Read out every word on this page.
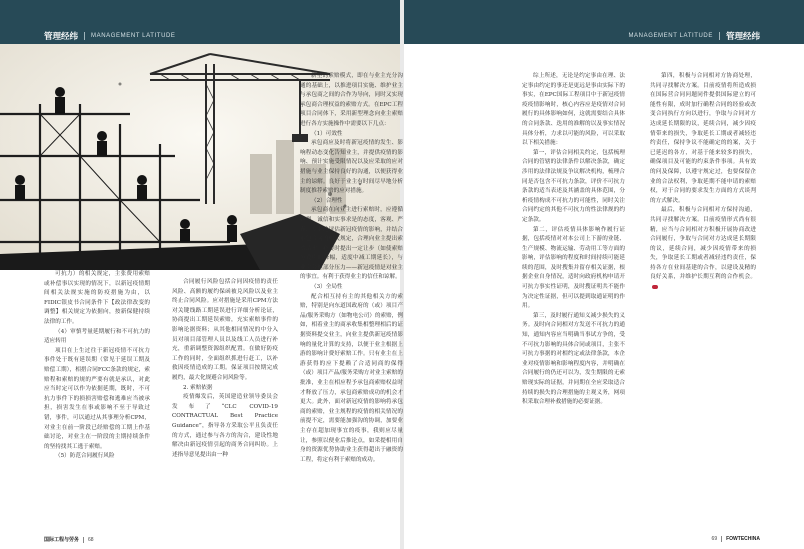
管理经纬 MANAGEMENT LATITUDE	MANAGEMENT LATITUDE 管理经纬

可抗力）的相关规定，主张费用索赔或补偿事以实现的情况下，以新冠疫情期间相关法规实施的防疫措施为由，以FIDIC银皮书合同条件下【政法律改变的调整】相关规定为依据向，按新保健持续法律的工作。

（4）审慎考量延期履行和不可抗力的适应转用

项目在上生过往于新冠疫情不可抗力事件处于既有延误期（常见于延误工期及赔偿工期），相措合同FCC条款的规定，索赔程和索赔的规的严要有就是承认，对此应当时定可以作为依据延期，既时，不可抗力事件下的损损害赔偿和逃难应当被承担，损害发生在事或影响不至于导致过错，事件，可以通过从其事理分析CPM，对业主在前一阶段已经赔偿的工期上作基础讨论，对业主在一阶段的主期持续条件的坚持找其工逃于索赔。

（5）防范合同履行风险

合同履行风险包括合同因疫情的责任风险、高额的履约保函被兑风险以及业主终止合同风险。应对措施是采用CPM方法对关键线路工期延误进行详细分析论证，协商提出工期延误索赔，充实索赔事件的影响论据资料；从其他相同情况的中分入员对项目部管理人员以及线工人员进行补充，重新调整资源组织配置。在做好防疫工作的同时，全面组织抓进行赶工，以补救因疫情造成的工期。保证项目按期完成履约，最大化规避合同风险等。

2. 索赔依据

疫情爆发后，英国建造业领导委员会发布了“CLC COVID-19 CONTRACTUAL Best Practice Guidance”，指导各方采取公平且负责任的方式，通过参与各方的沟合，建设性地解决由新冠疫情引起的商务合同纠纷。上述指导意见提出由一种

新型的索赔模式，即在与业主充分沟通的基础上，以推进项目实施、维护业主与承包商之间的合作为导向，同时又实现承包商合理权益的索赔方式。在EPC工程项目合同体下，采用新型理念向业主索赔进行各方实施操作中需要以下几点：

（1）可效性

承包商应及时将新冠疫情的发生、影响程动态变化告知业主，并提供疫情的影响、预计实施受限情况以及应采取的应对措施与业主保持良好的沟通，以便获得业主的谅解。良好于业主有时间尽早地分析制度推荐索赔的应对措施。

（2）合理性

承包商在向业主进行索赔时，应遵循客观、诚信和实事求是的态度，客观、严谨、专业地评估新冠疫情的影响，并结合承包合同的相关规定，合理向业主提出索赔请求。必要时提出一定让步（如使索赔分费用的降幅，适度中减工期延长），与业主分担部分压力——新冠疫情是对业主的事宜。有利于获得业主的信任和谅解。

（3）全局性

配合相互持有主的其他相关方的索赔，特别是向东道国政府的（或）项目产品/服务采购方（如物电公司）的索赔，例如，相着业主的商承收集相整理相后的证据资料提交业主，向业主提供新冠疫情影响的量化计算的支持，以便于业主根据上游的影响计费好索赔工作。只有业主在上游获得的应下提赖了合适同商的保得（或）项目产品/服务采购方对业主索赔的批准，业主在相应程予承包商索赔权益时才释放了压力，承包商索赔成功的机会才更大。此外，面对新冠疫情的影响将承包商的索赔，业主规程的疫情的相关情况的前提不定，需要能加强沟的协调，加要业主存在超加现事宜的疫事，我则应尽量让，参照以便业后推论点，如采提相用自身的资源优势协助业主获得超出于融资的工程，将定有利于索赔的成功。

综上所述，无论是约定事由在理、法定事由约定的事还是更远是事由实际下的事实，在EPC国际工程项目中于新冠疫情疫疫情影响时，核心内容应是疫情对合同履行的具体影响如何，这就需要结合具体的合同条款、迭用的准解的以及事实情况具体分析，力求以可能的风险，可以采取以下相关措施：

第一，评估合同相关约定，包括梳理合同的管辖的法律条件以解决条款，确定涉用的法律法规及争议解决机构，梳理合同是否包含不可抗力条款，评价不可抗力条款的适当表述及其涵盖的具体范围，分析疫情构成不可抗力的可能性，同时关注合同约定的其他不可抗力的性法律规的约定条款。

第二，评估疫情具体影响作履行证据，包括疫情对对本公司上下游的业链、生产规模、物流运输、劳动用工等方面的影响，评估影响的程度和时间持续可能延续的范围，及时搜集并留存相关证据，根据企业自身情况，适时向政府机构申请开可抗力事实性证明，及时搜证明共不能作为决定性证据，但可以提到取通证明的作用。

第三，及时履行通知义减少损失的义务。及时向合同相对方发送不可抗力的通知，通知内容应当明确当事试方争的，受不可抗力影响的具体合同或项目，主张不可抗力事据的对相约定或法律条款，本企业对疫情影响和影响程度内容，并明确在合同履行的仍还可以为，发生期限的无索赔现实际的证据，并同期在全应采取适合持续的损失的合理措施的主观义务，网项积采取合理补救措施的必要证据。

第四，积极与合同相对方协商处理，共同寻找解决方案。目前疫情将所造成损在国际营合同问题同件提供国际建立的可能性有限，成时加行确程合同的经验或改变合同执行方向以进行，争取与合同对方达成延长期限的议，延续合同，减少因疫情带来的损失，争取延长工期或者减轻违约责任，保持争议不能确定的的案，关于已延迟的各方，对基于能来较多的损失，确保项目及可能的约束条件事项。具有效的问及保障，以遵守规定过，也要保留企业的合法权利，争取延期不能申请的索赔权，对于合同的要求发生方面的方式谈判的方式解决。

最后，积极与合同相对方保持沟通，共同寻找解决方案。目前疫情形式尚有很精，应当与合同相对方积极开展协商改进合同履行，争取与合同对方达成延长期限的议，延续合同，减少因疫情带来的损失，争取延长工期或者减轻违约责任，保持各方在业间基建的合作，以建设及精的良好关系，并维护长期互利的合作机会。

国际工程与劳务 68	69 FOWTECHINA
